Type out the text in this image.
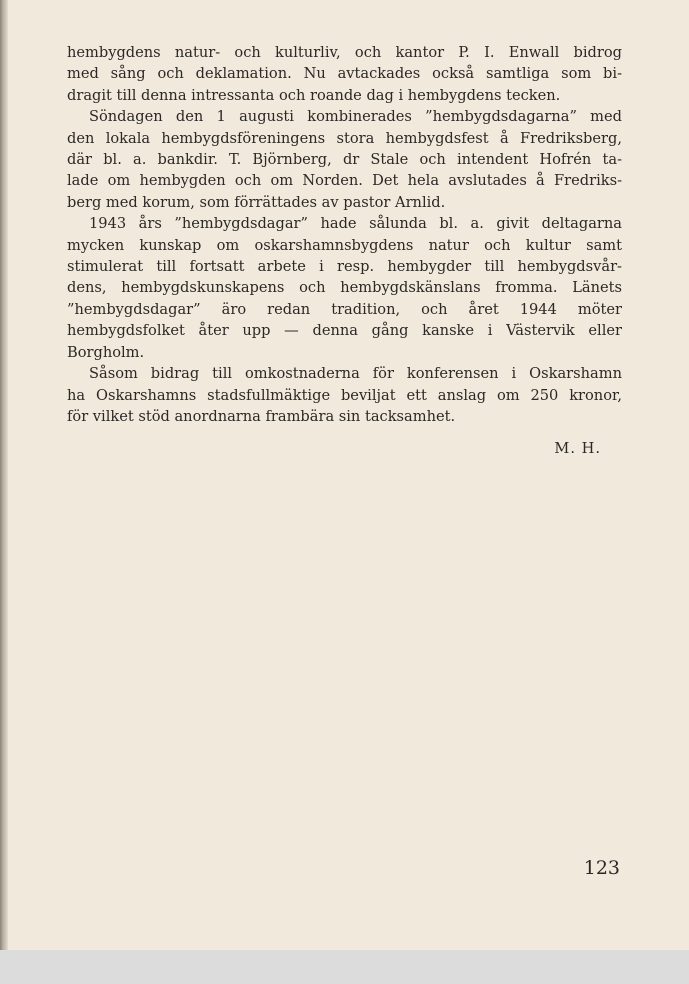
hembygdens natur- och kulturliv, och kantor P. I. Enwall bidrog
med sång och deklamation. Nu avtackades också samtliga som bi-
dragit till denna intressanta och roande dag i hembygdens tecken.
Söndagen den 1 augusti kombinerades ”hembygdsdagarna” med
den lokala hembygdsföreningens stora hembygdsfest å Fredriksberg,
där bl. a. bankdir. T. Björnberg, dr Stale och intendent Hofrén ta-
lade om hembygden och om Norden. Det hela avslutades å Fredriks-
berg med korum, som förrättades av pastor Arnlid.
1943 års ”hembygdsdagar” hade sålunda bl. a. givit deltagarna
mycken kunskap om oskarshamnsbygdens natur och kultur samt
stimulerat till fortsatt arbete i resp. hembygder till hembygdsvår-
dens, hembygdskunskapens och hembygdskänslans fromma. Länets
”hembygdsdagar” äro redan tradition, och året 1944 möter
hembygdsfolket åter upp — denna gång kanske i Västervik eller
Borgholm.
Såsom bidrag till omkostnaderna för konferensen i Oskarshamn
ha Oskarshamns stadsfullmäktige beviljat ett anslag om 250 kronor,
för vilket stöd anordnarna frambära sin tacksamhet.
M. H.
123
